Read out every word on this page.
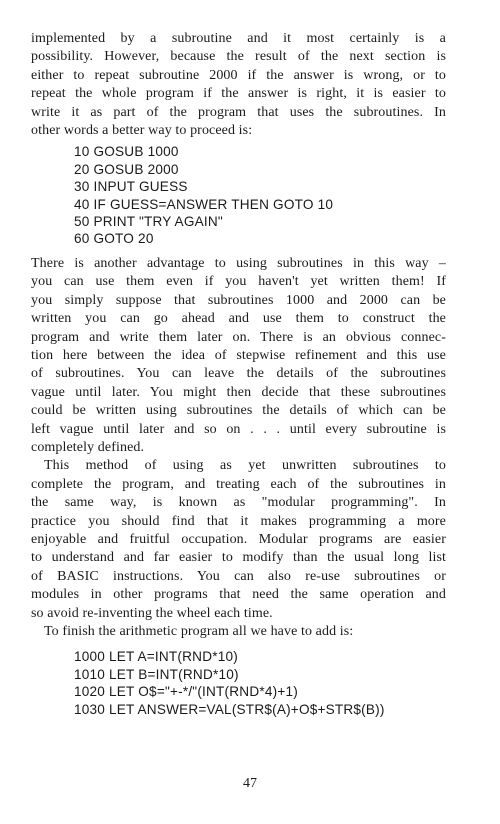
implemented by a subroutine and it most certainly is a
possibility. However, because the result of the next section is
either to repeat subroutine 2000 if the answer is wrong, or to
repeat the whole program if the answer is right, it is easier to
write it as part of the program that uses the subroutines. In
other words a better way to proceed is:
10 GOSUB 1000
20 GOSUB 2000
30 INPUT GUESS
40 IF GUESS=ANSWER THEN GOTO 10
50 PRINT "TRY AGAIN"
60 GOTO 20
There is another advantage to using subroutines in this way –
you can use them even if you haven't yet written them! If
you simply suppose that subroutines 1000 and 2000 can be
written you can go ahead and use them to construct the
program and write them later on. There is an obvious connec-
tion here between the idea of stepwise refinement and this use
of subroutines. You can leave the details of the subroutines
vague until later. You might then decide that these subroutines
could be written using subroutines the details of which can be
left vague until later and so on . . . until every subroutine is
completely defined.
This method of using as yet unwritten subroutines to
complete the program, and treating each of the subroutines in
the same way, is known as "modular programming". In
practice you should find that it makes programming a more
enjoyable and fruitful occupation. Modular programs are easier
to understand and far easier to modify than the usual long list
of BASIC instructions. You can also re-use subroutines or
modules in other programs that need the same operation and
so avoid re-inventing the wheel each time.
To finish the arithmetic program all we have to add is:
1000 LET A=INT(RND*10)
1010 LET B=INT(RND*10)
1020 LET O$="+-*/"(INT(RND*4)+1)
1030 LET ANSWER=VAL(STR$(A)+O$+STR$(B))
47
